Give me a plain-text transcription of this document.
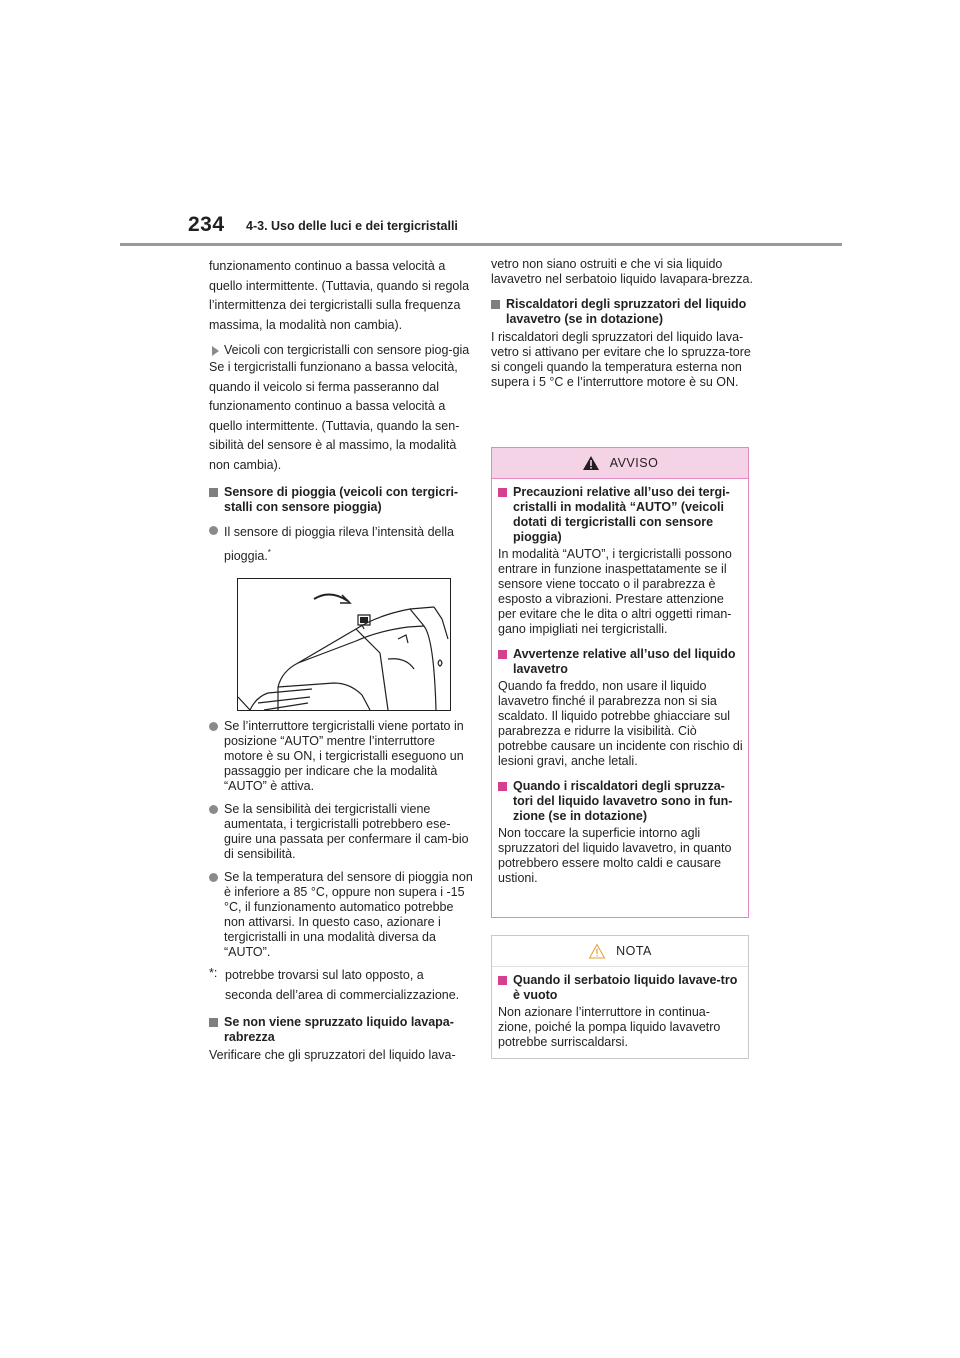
234 4-3. Uso delle luci e dei tergicristalli

funzionamento continuo a bassa velocità a quello intermittente. (Tuttavia, quando si regola l’intermittenza dei tergicristalli sulla frequenza massima, la modalità non cambia).

Veicoli con tergicristalli con sensore piog-gia

Se i tergicristalli funzionano a bassa velocità, quando il veicolo si ferma passeranno dal funzionamento continuo a bassa velocità a quello intermittente. (Tuttavia, quando la sen-sibilità del sensore è al massimo, la modalità non cambia).

Sensore di pioggia (veicoli con tergicri-stalli con sensore pioggia)
Il sensore di pioggia rileva l’intensità della pioggia.*
Se l’interruttore tergicristalli viene portato in posizione “AUTO” mentre l’interruttore motore è su ON, i tergicristalli eseguono un passaggio per indicare che la modalità “AUTO” è attiva.
Se la sensibilità dei tergicristalli viene aumentata, i tergicristalli potrebbero ese-guire una passata per confermare il cam-bio di sensibilità.
Se la temperatura del sensore di pioggia non è inferiore a 85 °C, oppure non supera i -15 °C, il funzionamento automatico potrebbe non attivarsi. In questo caso, azionare i tergicristalli in una modalità diversa da “AUTO”.
*: potrebbe trovarsi sul lato opposto, a seconda dell’area di commercializzazione.
Se non viene spruzzato liquido lavapa-rabrezza

Verificare che gli spruzzatori del liquido lava-

vetro non siano ostruiti e che vi sia liquido lavavetro nel serbatoio liquido lavapara-brezza.

Riscaldatori degli spruzzatori del liquido lavavetro (se in dotazione)

I riscaldatori degli spruzzatori del liquido lava-vetro si attivano per evitare che lo spruzza-tore si congeli quando la temperatura esterna non supera i 5 °C e l’interruttore motore è su ON.

AVVISO
Precauzioni relative all’uso dei tergi-cristalli in modalità “AUTO” (veicoli dotati di tergicristalli con sensore pioggia)

In modalità “AUTO”, i tergicristalli possono entrare in funzione inaspettatamente se il sensore viene toccato o il parabrezza è esposto a vibrazioni. Prestare attenzione per evitare che le dita o altri oggetti riman-gano impigliati nei tergicristalli.

Avvertenze relative all’uso del liquido lavavetro

Quando fa freddo, non usare il liquido lavavetro finché il parabrezza non si sia scaldato. Il liquido potrebbe ghiacciare sul parabrezza e ridurre la visibilità. Ciò potrebbe causare un incidente con rischio di lesioni gravi, anche letali.

Quando i riscaldatori degli spruzza-tori del liquido lavavetro sono in fun-zione (se in dotazione)

Non toccare la superficie intorno agli spruzzatori del liquido lavavetro, in quanto potrebbero essere molto caldi e causare ustioni.

NOTA
Quando il serbatoio liquido lavave-tro è vuoto

Non azionare l’interruttore in continua-zione, poiché la pompa liquido lavavetro potrebbe surriscaldarsi.
